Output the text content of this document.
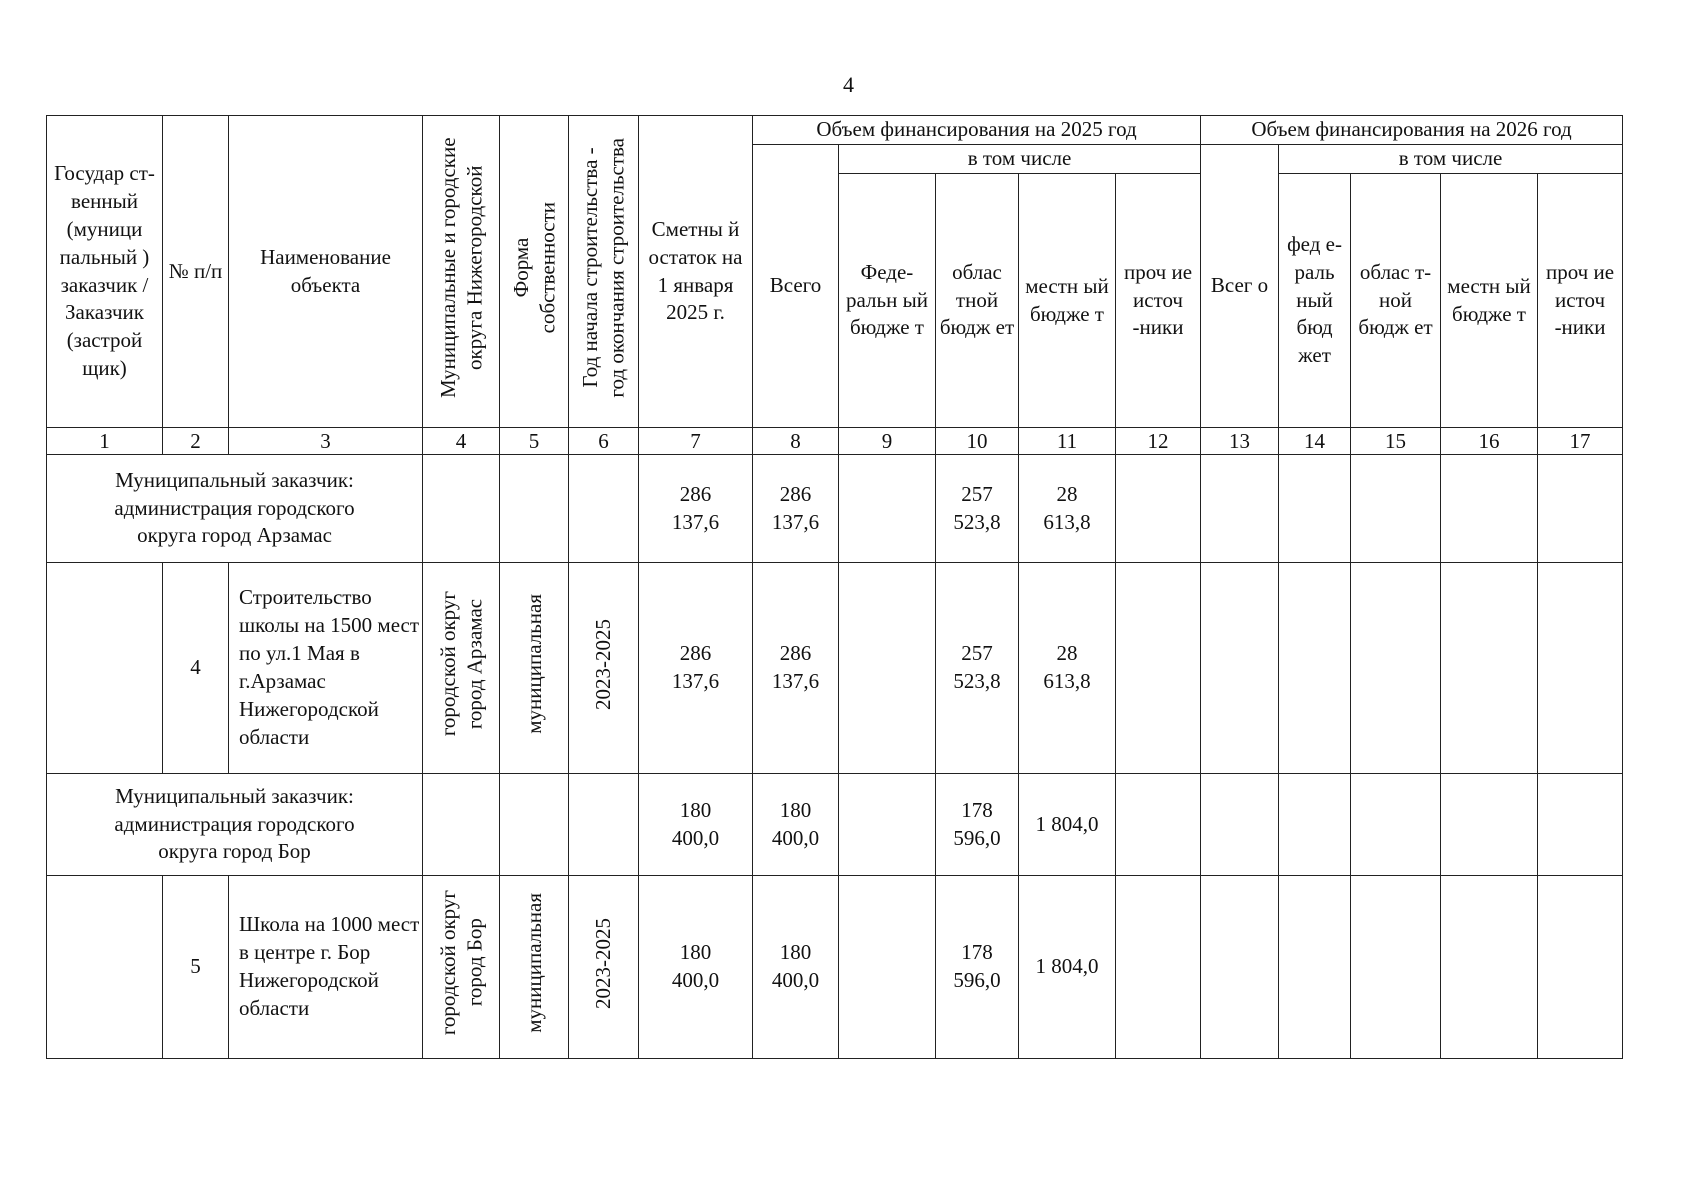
4
Государ ст- венный (муници пальный ) заказчик / Заказчик (застрой щик)	№ п/п	Наименование объекта	Муниципальные и городские округа Нижегородской	Форма собственности	Год начала строительства - год окончания строительства	Сметны й остаток на 1 января 2025 г.	Объем финансирования на 2025 год					Объем финансирования на 2026 год				
							Всего	в том числе				Всег о	в том числе			
								Феде- ральн ый бюдже т	облас тной бюдж ет	местн ый бюдже т	проч ие источ -ники		фед е- раль ный бюд жет	облас т-ной бюдж ет	местн ый бюдже т	проч ие источ -ники
1	2	3	4	5	6	7	8	9	10	11	12	13	14	15	16	17
Муниципальный заказчик: администрация городского округа город Арзамас						286 137,6	286 137,6		257 523,8	28 613,8						
	4	Строительство школы на 1500 мест по ул.1 Мая в г.Арзамас Нижегородской области	городской округ город Арзамас	муниципальная	2023-2025	286 137,6	286 137,6		257 523,8	28 613,8						
Муниципальный заказчик: администрация городского округа город Бор						180 400,0	180 400,0		178 596,0	1 804,0						
	5	Школа на 1000 мест в центре г. Бор Нижегородской области	городской округ город Бор	муниципальная	2023-2025	180 400,0	180 400,0		178 596,0	1 804,0						
